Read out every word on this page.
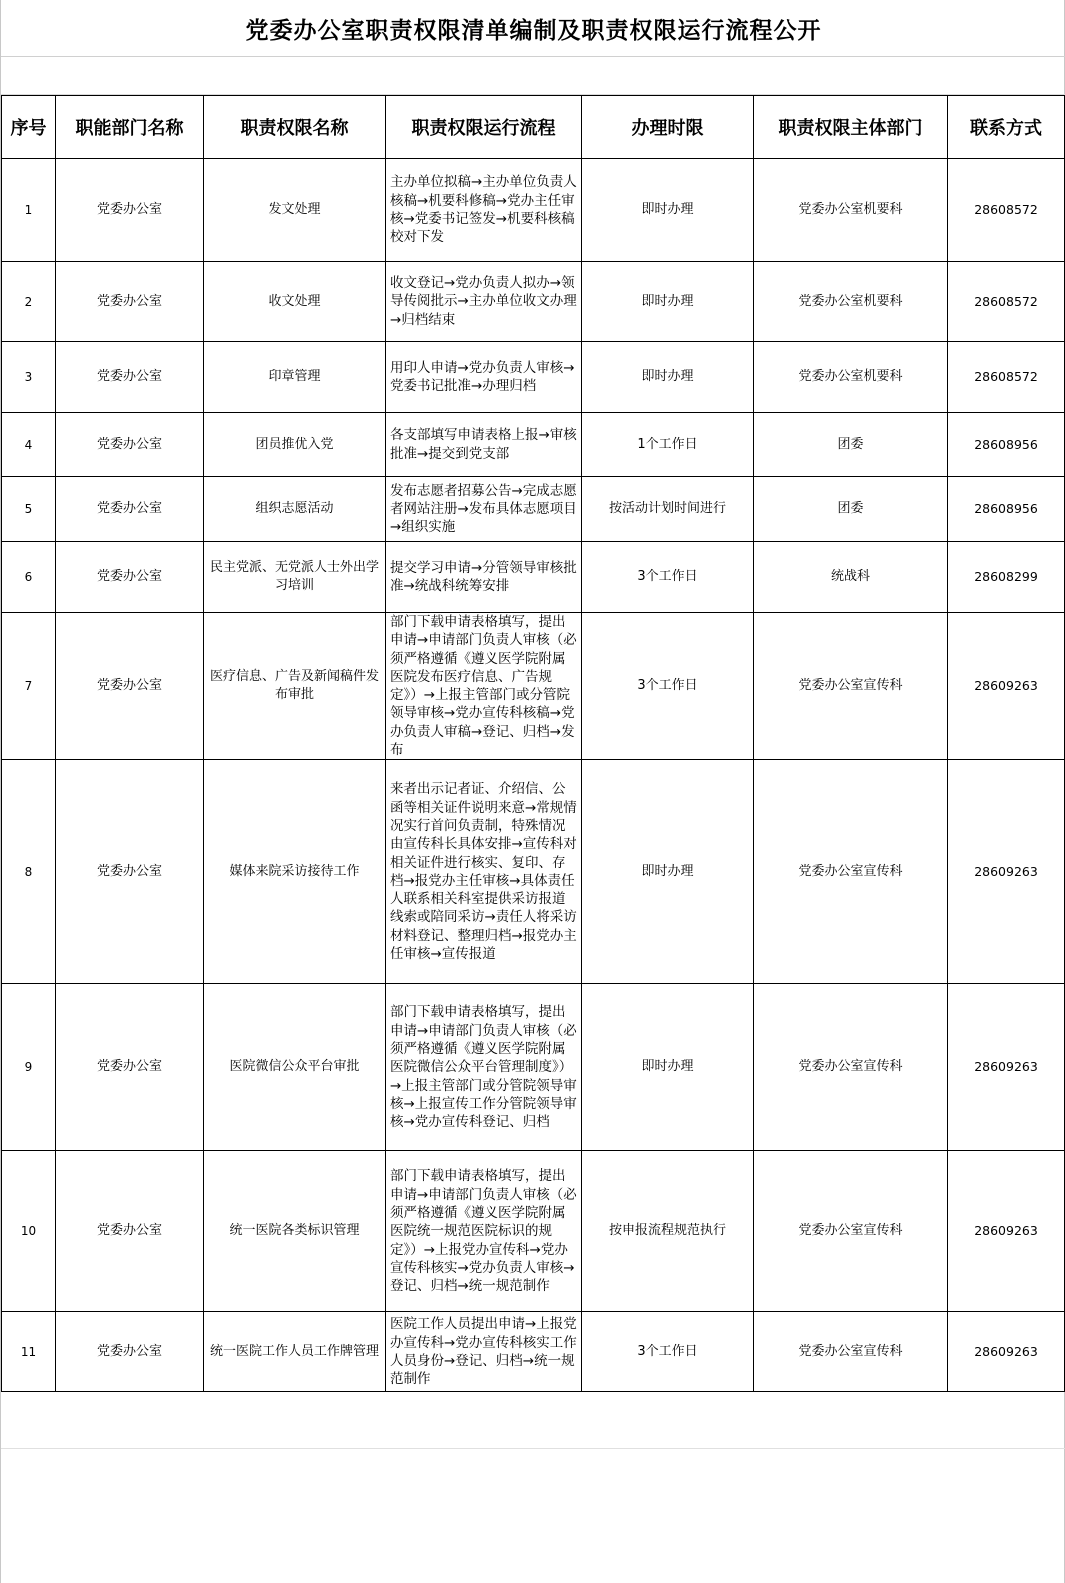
党委办公室职责权限清单编制及职责权限运行流程公开
序号	职能部门名称	职责权限名称	职责权限运行流程	办理时限	职责权限主体部门	联系方式
1	党委办公室	发文处理	主办单位拟稿→主办单位负责人核稿→机要科修稿→党办主任审核→党委书记签发→机要科核稿校对下发	即时办理	党委办公室机要科	28608572
2	党委办公室	收文处理	收文登记→党办负责人拟办→领导传阅批示→主办单位收文办理→归档结束	即时办理	党委办公室机要科	28608572
3	党委办公室	印章管理	用印人申请→党办负责人审核→党委书记批准→办理归档	即时办理	党委办公室机要科	28608572
4	党委办公室	团员推优入党	各支部填写申请表格上报→审核批准→提交到党支部	1个工作日	团委	28608956
5	党委办公室	组织志愿活动	发布志愿者招募公告→完成志愿者网站注册→发布具体志愿项目→组织实施	按活动计划时间进行	团委	28608956
6	党委办公室	民主党派、无党派人士外出学习培训	提交学习申请→分管领导审核批准→统战科统筹安排	3个工作日	统战科	28608299
7	党委办公室	医疗信息、广告及新闻稿件发布审批	部门下载申请表格填写，提出申请→申请部门负责人审核（必须严格遵循《遵义医学院附属医院发布医疗信息、广告规定》）→上报主管部门或分管院领导审核→党办宣传科核稿→党办负责人审稿→登记、归档→发布	3个工作日	党委办公室宣传科	28609263
8	党委办公室	媒体来院采访接待工作	来者出示记者证、介绍信、公函等相关证件说明来意→常规情况实行首问负责制，特殊情况由宣传科长具体安排→宣传科对相关证件进行核实、复印、存档→报党办主任审核→具体责任人联系相关科室提供采访报道线索或陪同采访→责任人将采访材料登记、整理归档→报党办主任审核→宣传报道	即时办理	党委办公室宣传科	28609263
9	党委办公室	医院微信公众平台审批	部门下载申请表格填写，提出申请→申请部门负责人审核（必须严格遵循《遵义医学院附属医院微信公众平台管理制度》）→上报主管部门或分管院领导审核→上报宣传工作分管院领导审核→党办宣传科登记、归档	即时办理	党委办公室宣传科	28609263
10	党委办公室	统一医院各类标识管理	部门下载申请表格填写，提出申请→申请部门负责人审核（必须严格遵循《遵义医学院附属医院统一规范医院标识的规定》）→上报党办宣传科→党办宣传科核实→党办负责人审核→登记、归档→统一规范制作	按申报流程规范执行	党委办公室宣传科	28609263
11	党委办公室	统一医院工作人员工作牌管理	医院工作人员提出申请→上报党办宣传科→党办宣传科核实工作人员身份→登记、归档→统一规范制作	3个工作日	党委办公室宣传科	28609263
